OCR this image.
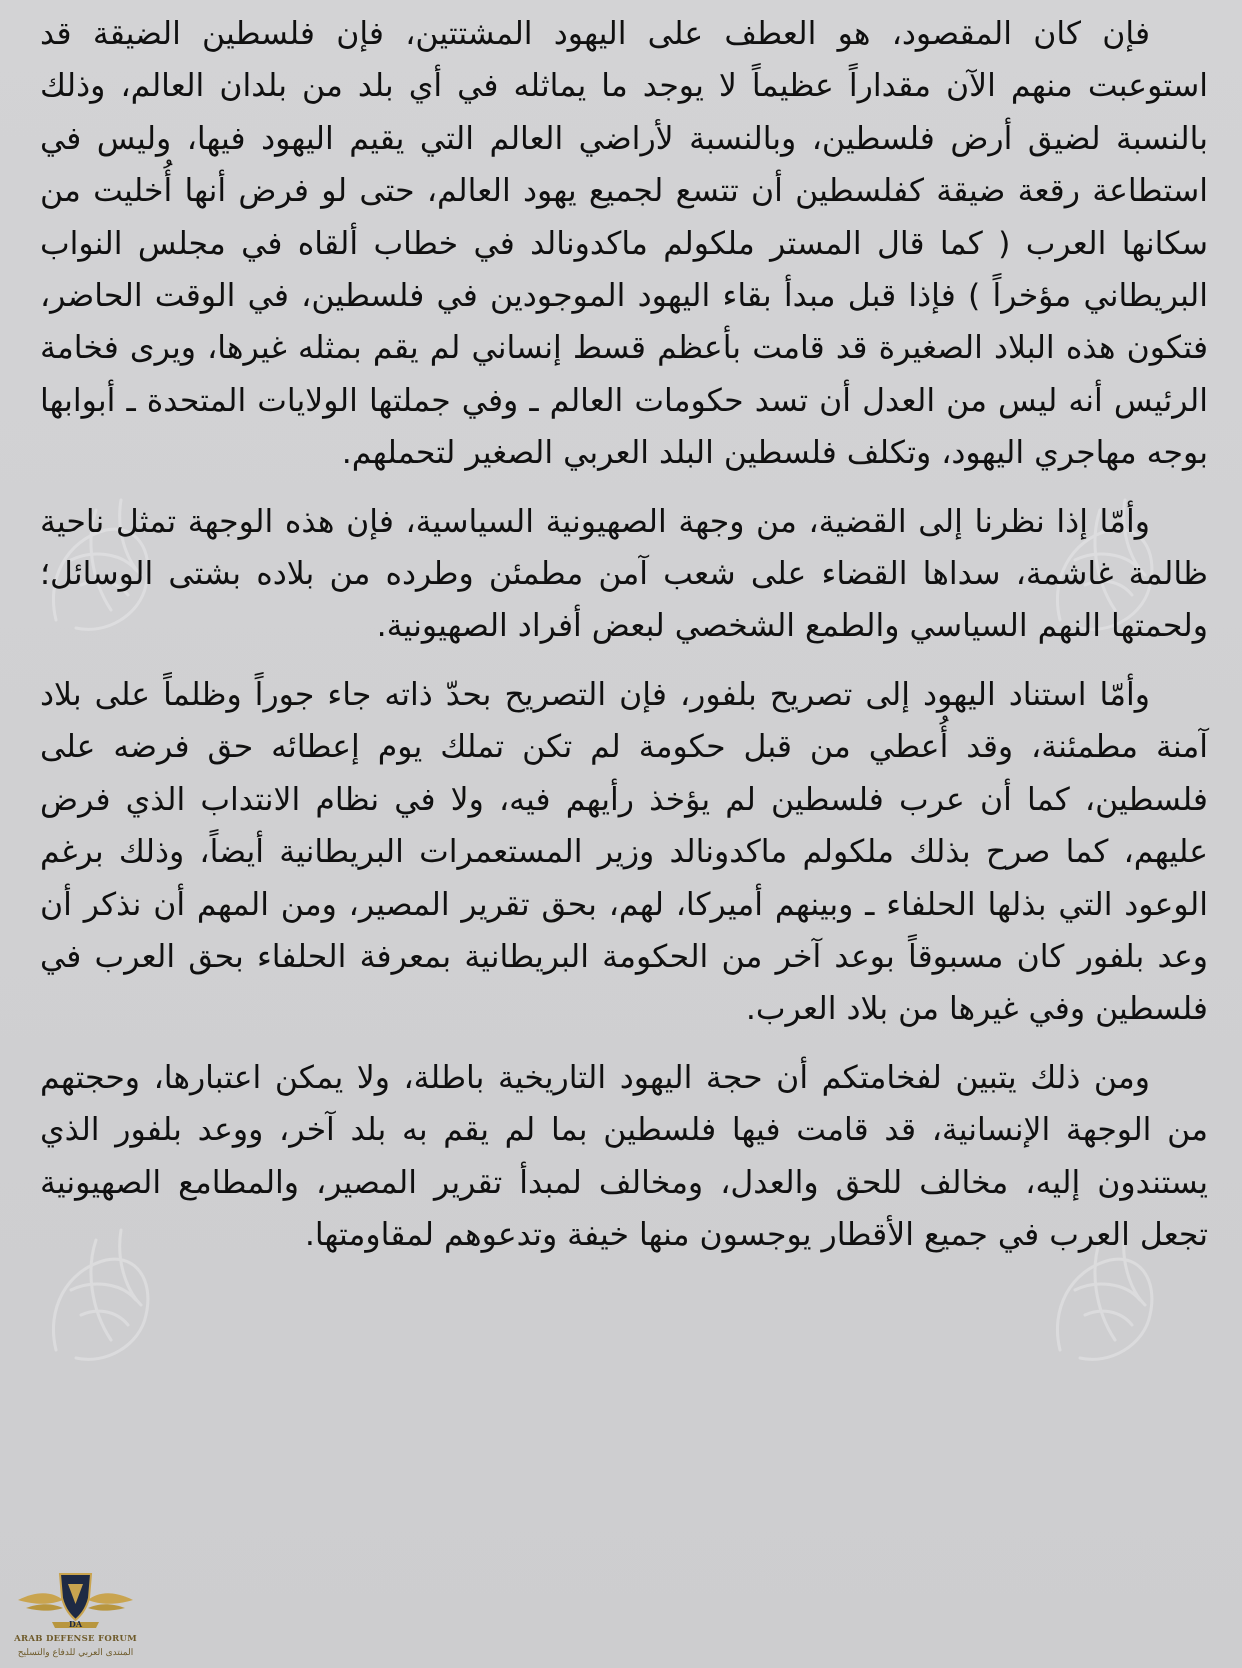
فإن كان المقصود، هو العطف على اليهود المشتتين، فإن فلسطين الضيقة قد استوعبت منهم الآن مقداراً عظيماً لا يوجد ما يماثله في أي بلد من بلدان العالم، وذلك بالنسبة لضيق أرض فلسطين، وبالنسبة لأراضي العالم التي يقيم اليهود فيها، وليس في استطاعة رقعة ضيقة كفلسطين أن تتسع لجميع يهود العالم، حتى لو فرض أنها أُخليت من سكانها العرب ( كما قال المستر ملكولم ماكدونالد في خطاب ألقاه في مجلس النواب البريطاني مؤخراً ) فإذا قبل مبدأ بقاء اليهود الموجودين في فلسطين، في الوقت الحاضر، فتكون هذه البلاد الصغيرة قد قامت بأعظم قسط إنساني لم يقم بمثله غيرها، ويرى فخامة الرئيس أنه ليس من العدل أن تسد حكومات العالم ـ وفي جملتها الولايات المتحدة ـ أبوابها بوجه مهاجري اليهود، وتكلف فلسطين البلد العربي الصغير لتحملهم.

وأمّا إذا نظرنا إلى القضية، من وجهة الصهيونية السياسية، فإن هذه الوجهة تمثل ناحية ظالمة غاشمة، سداها القضاء على شعب آمن مطمئن وطرده من بلاده بشتى الوسائل؛ ولحمتها النهم السياسي والطمع الشخصي لبعض أفراد الصهيونية.

وأمّا استناد اليهود إلى تصريح بلفور، فإن التصريح بحدّ ذاته جاء جوراً وظلماً على بلاد آمنة مطمئنة، وقد أُعطي من قبل حكومة لم تكن تملك يوم إعطائه حق فرضه على فلسطين، كما أن عرب فلسطين لم يؤخذ رأيهم فيه، ولا في نظام الانتداب الذي فرض عليهم، كما صرح بذلك ملكولم ماكدونالد وزير المستعمرات البريطانية أيضاً، وذلك برغم الوعود التي بذلها الحلفاء ـ وبينهم أميركا، لهم، بحق تقرير المصير، ومن المهم أن نذكر أن وعد بلفور كان مسبوقاً بوعد آخر من الحكومة البريطانية بمعرفة الحلفاء بحق العرب في فلسطين وفي غيرها من بلاد العرب.

ومن ذلك يتبين لفخامتكم أن حجة اليهود التاريخية باطلة، ولا يمكن اعتبارها، وحجتهم من الوجهة الإنسانية، قد قامت فيها فلسطين بما لم يقم به بلد آخر، ووعد بلفور الذي يستندون إليه، مخالف للحق والعدل، ومخالف لمبدأ تقرير المصير، والمطامع الصهيونية تجعل العرب في جميع الأقطار يوجسون منها خيفة وتدعوهم لمقاومتها.

DA
ARAB DEFENSE FORUM
المنتدى العربي للدفاع والتسليح
